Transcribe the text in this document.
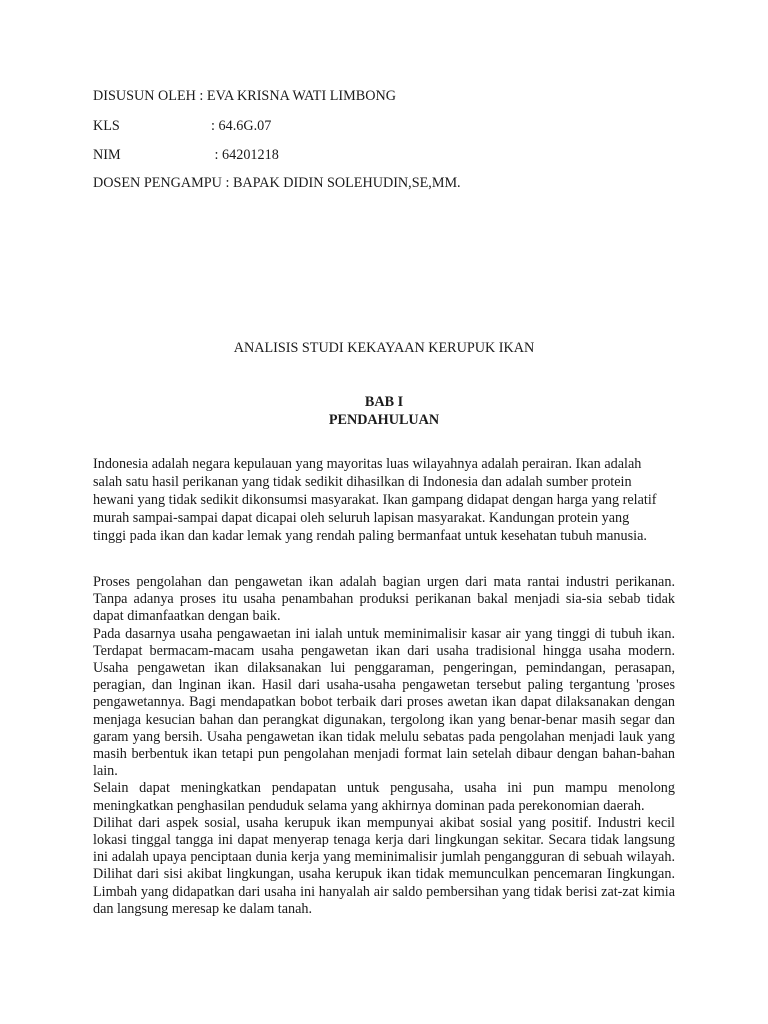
DISUSUN OLEH : EVA KRISNA WATI LIMBONG
KLS	: 64.6G.07
NIM	: 64201218
DOSEN PENGAMPU : BAPAK DIDIN SOLEHUDIN,SE,MM.
ANALISIS STUDI KEKAYAAN KERUPUK IKAN
BAB I
PENDAHULUAN
Indonesia adalah negara kepulauan yang mayoritas luas wilayahnya adalah perairan. Ikan adalah salah satu hasil perikanan yang tidak sedikit dihasilkan di Indonesia dan adalah sumber protein hewani yang tidak sedikit dikonsumsi masyarakat. Ikan gampang didapat dengan harga yang relatif murah sampai-sampai dapat dicapai oleh seluruh lapisan masyarakat. Kandungan protein yang tinggi pada ikan dan kadar lemak yang rendah paling bermanfaat untuk kesehatan tubuh manusia.

Proses pengolahan dan pengawetan ikan adalah bagian urgen dari mata rantai industri perikanan. Tanpa adanya proses itu usaha penambahan produksi perikanan bakal menjadi sia-sia sebab tidak dapat dimanfaatkan dengan baik.

Pada dasarnya usaha pengawaetan ini ialah untuk meminimalisir kasar air yang tinggi di tubuh ikan. Terdapat bermacam-macam usaha pengawetan ikan dari usaha tradisional hingga usaha modern. Usaha pengawetan ikan dilaksanakan lui penggaraman, pengeringan, pemindangan, perasapan, peragian, dan lnginan ikan. Hasil dari usaha-usaha pengawetan tersebut paling tergantung 'proses pengawetannya. Bagi mendapatkan bobot terbaik dari proses awetan ikan dapat dilaksanakan dengan menjaga kesucian bahan dan perangkat digunakan, tergolong ikan yang benar-benar masih segar dan garam yang bersih. Usaha pengawetan ikan tidak melulu sebatas pada pengolahan menjadi lauk yang masih berbentuk ikan tetapi pun pengolahan menjadi format lain setelah dibaur dengan bahan-bahan lain.

Selain dapat meningkatkan pendapatan untuk pengusaha, usaha ini pun mampu menolong meningkatkan penghasilan penduduk selama yang akhirnya dominan pada perekonomian daerah.

Dilihat dari aspek sosial, usaha kerupuk ikan mempunyai akibat sosial yang positif. Industri kecil lokasi tinggal tangga ini dapat menyerap tenaga kerja dari lingkungan sekitar. Secara tidak langsung ini adalah upaya penciptaan dunia kerja yang meminimalisir jumlah pengangguran di sebuah wilayah. Dilihat dari sisi akibat lingkungan, usaha kerupuk ikan tidak memunculkan pencemaran Iingkungan. Limbah yang didapatkan dari usaha ini hanyalah air saldo pembersihan yang tidak berisi zat-zat kimia dan langsung meresap ke dalam tanah.
